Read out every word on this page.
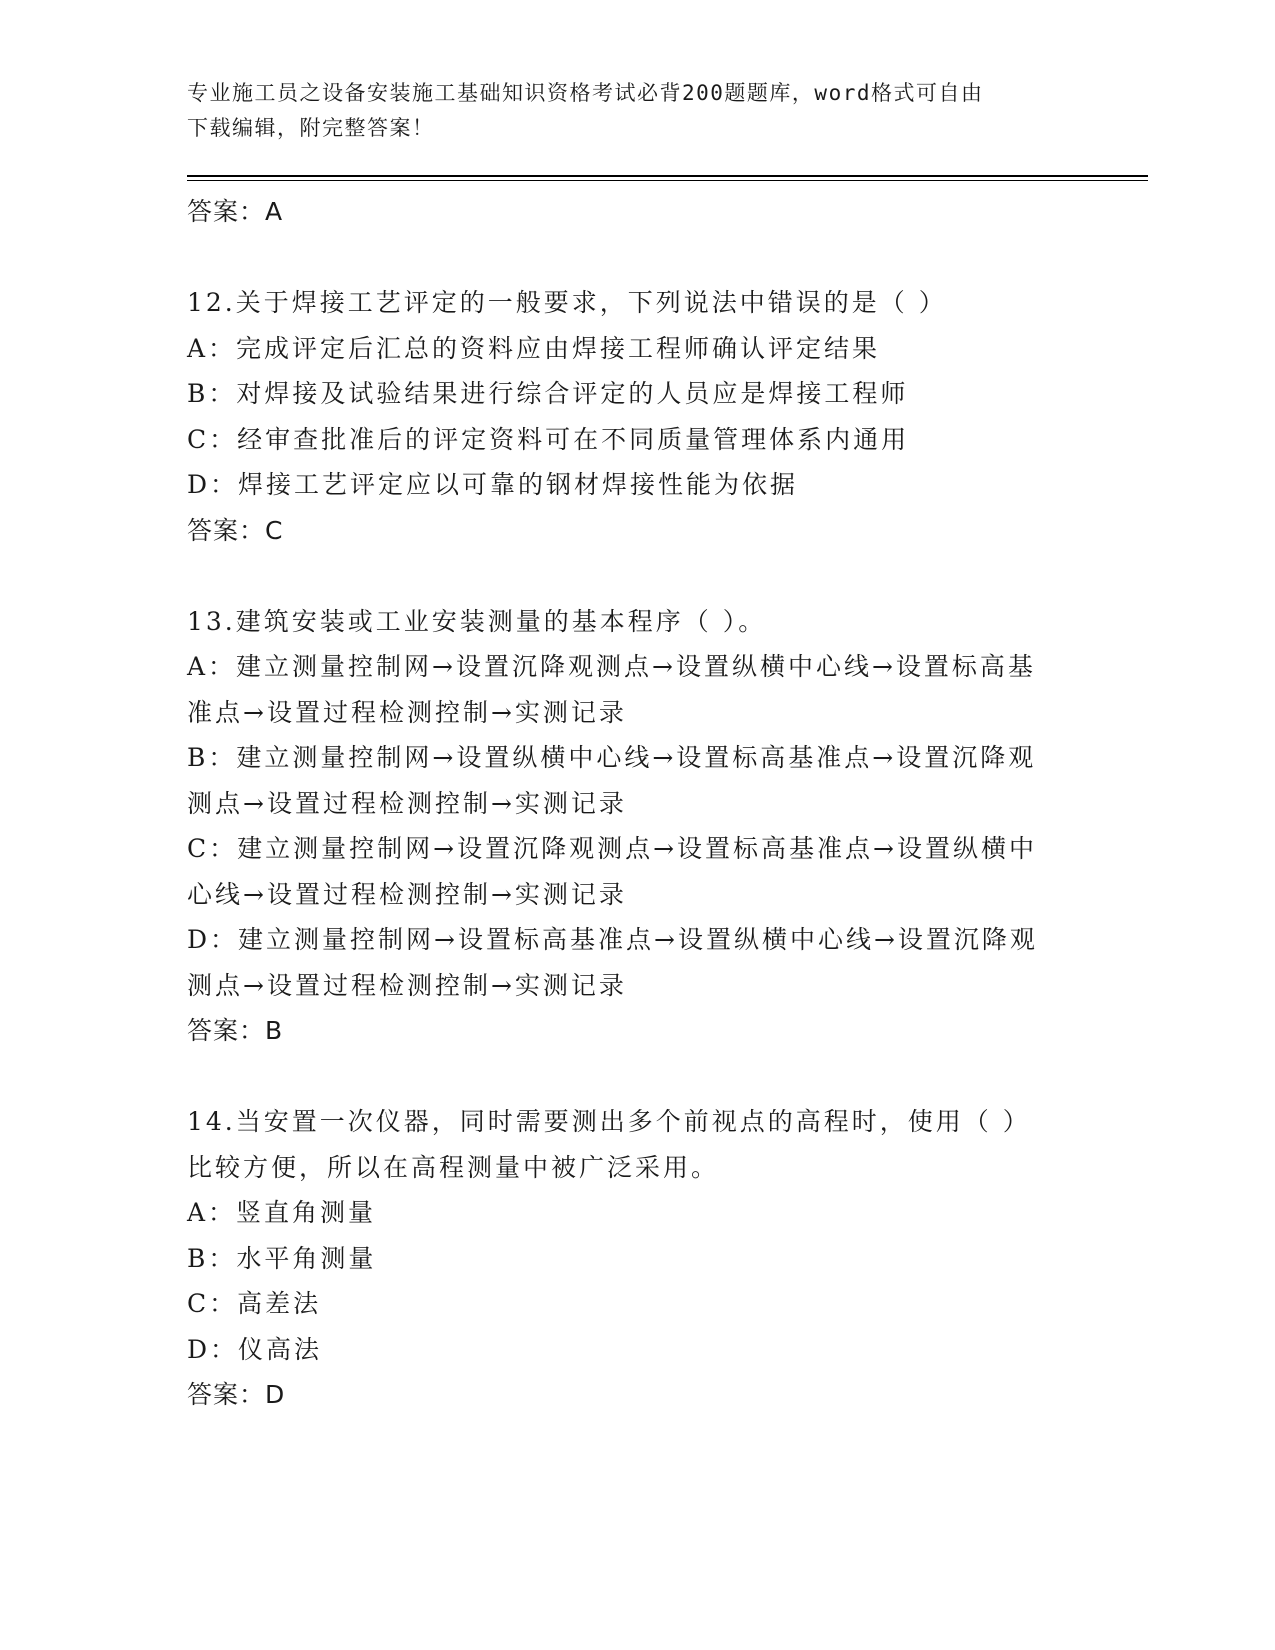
专业施工员之设备安装施工基础知识资格考试必背200题题库，word格式可自由
下载编辑，附完整答案！
答案：A
12.关于焊接工艺评定的一般要求，下列说法中错误的是（ ）
A：完成评定后汇总的资料应由焊接工程师确认评定结果
B：对焊接及试验结果进行综合评定的人员应是焊接工程师
C：经审查批准后的评定资料可在不同质量管理体系内通用
D：焊接工艺评定应以可靠的钢材焊接性能为依据
答案：C
13.建筑安装或工业安装测量的基本程序（ ）。
A：建立测量控制网→设置沉降观测点→设置纵横中心线→设置标高基
准点→设置过程检测控制→实测记录
B：建立测量控制网→设置纵横中心线→设置标高基准点→设置沉降观
测点→设置过程检测控制→实测记录
C：建立测量控制网→设置沉降观测点→设置标高基准点→设置纵横中
心线→设置过程检测控制→实测记录
D：建立测量控制网→设置标高基准点→设置纵横中心线→设置沉降观
测点→设置过程检测控制→实测记录
答案：B
14.当安置一次仪器，同时需要测出多个前视点的高程时，使用（ ）
比较方便，所以在高程测量中被广泛采用。
A：竖直角测量
B：水平角测量
C：高差法
D：仪高法
答案：D
